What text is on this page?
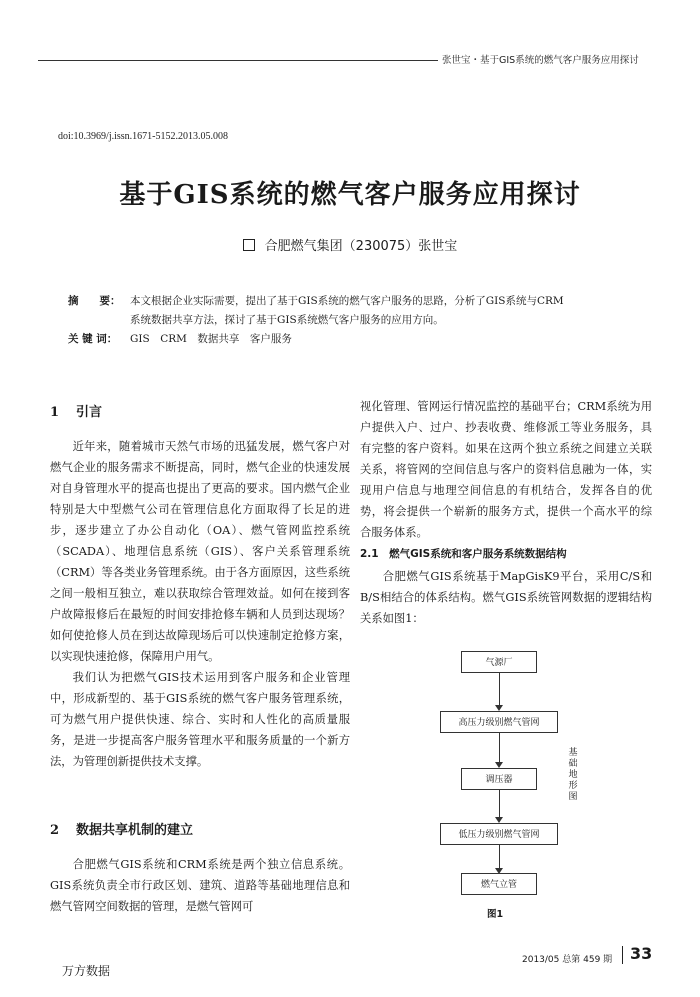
张世宝・基于GIS系统的燃气客户服务应用探讨
doi:10.3969/j.issn.1671-5152.2013.05.008
基于GIS系统的燃气客户服务应用探讨
合肥燃气集团（230075）张世宝
摘　　要： 本文根据企业实际需要，提出了基于GIS系统的燃气客户服务的思路，分析了GIS系统与CRM
系统数据共享方法，探讨了基于GIS系统燃气客户服务的应用方向。
关 键 词：	GIS　CRM　数据共享　客户服务
1 引言

近年来，随着城市天然气市场的迅猛发展，燃气客户对燃气企业的服务需求不断提高，同时，燃气企业的快速发展对自身管理水平的提高也提出了更高的要求。国内燃气企业特别是大中型燃气公司在管理信息化方面取得了长足的进步，逐步建立了办公自动化（OA）、燃气管网监控系统（SCADA）、地理信息系统（GIS）、客户关系管理系统（CRM）等各类业务管理系统。由于各方面原因，这些系统之间一般相互独立，难以获取综合管理效益。如何在接到客户故障报修后在最短的时间安排抢修车辆和人员到达现场？如何使抢修人员在到达故障现场后可以快速制定抢修方案，以实现快速抢修，保障用户用气。

我们认为把燃气GIS技术运用到客户服务和企业管理中，形成新型的、基于GIS系统的燃气客户服务管理系统，可为燃气用户提供快速、综合、实时和人性化的高质量服务，是进一步提高客户服务管理水平和服务质量的一个新方法，为管理创新提供技术支撑。

2 数据共享机制的建立

合肥燃气GIS系统和CRM系统是两个独立信息系统。GIS系统负责全市行政区划、建筑、道路等基础地理信息和燃气管网空间数据的管理，是燃气管网可

视化管理、管网运行情况监控的基础平台；CRM系统为用户提供入户、过户、抄表收费、维修派工等业务服务，具有完整的客户资料。如果在这两个独立系统之间建立关联关系，将管网的空间信息与客户的资料信息融为一体，实现用户信息与地理空间信息的有机结合，发挥各自的优势，将会提供一个崭新的服务方式，提供一个高水平的综合服务体系。

2.1　燃气GIS系统和客户服务系统数据结构

合肥燃气GIS系统基于MapGisK9平台，采用C/S和B/S相结合的体系结构。燃气GIS系统管网数据的逻辑结构关系如图1：

气源厂
高压力级别燃气管网
调压器
低压力级别燃气管网
燃气立管
基础地形图
图1
2013/05 总第 459 期 33
万方数据
